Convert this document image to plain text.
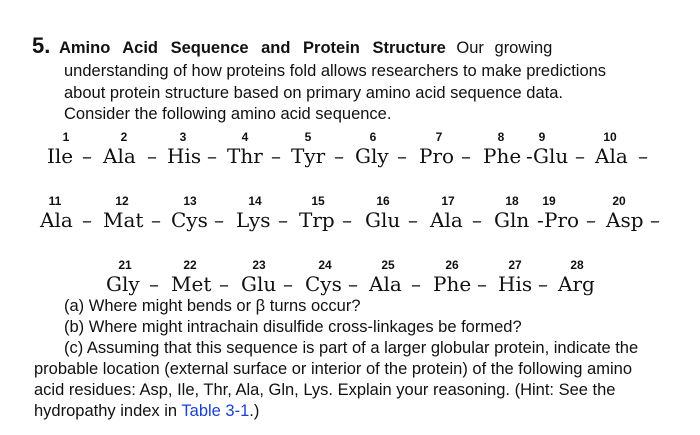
5. Amino Acid Sequence and Protein Structure Our growing
understanding of how proteins fold allows researchers to make predictions
about protein structure based on primary amino acid sequence data.
Consider the following amino acid sequence.
1
Ile –
2
Ala –
3
His –
4
Thr –
5
Tyr –
6
Gly –
7
Pro –
8
Phe -
9
Glu –
10
Ala –
11
Ala –
12
Mat –
13
Cys –
14
Lys –
15
Trp –
16
Glu –
17
Ala –
18
Gln -
19
Pro –
20
Asp –
21
Gly –
22
Met –
23
Glu –
24
Cys –
25
Ala –
26
Phe –
27
His –
28
Arg
(a) Where might bends or β turns occur?
(b) Where might intrachain disulfide cross-linkages be formed?
(c) Assuming that this sequence is part of a larger globular protein, indicate the
probable location (external surface or interior of the protein) of the following amino
acid residues: Asp, Ile, Thr, Ala, Gln, Lys. Explain your reasoning. (Hint: See the
hydropathy index in Table 3-1.)
